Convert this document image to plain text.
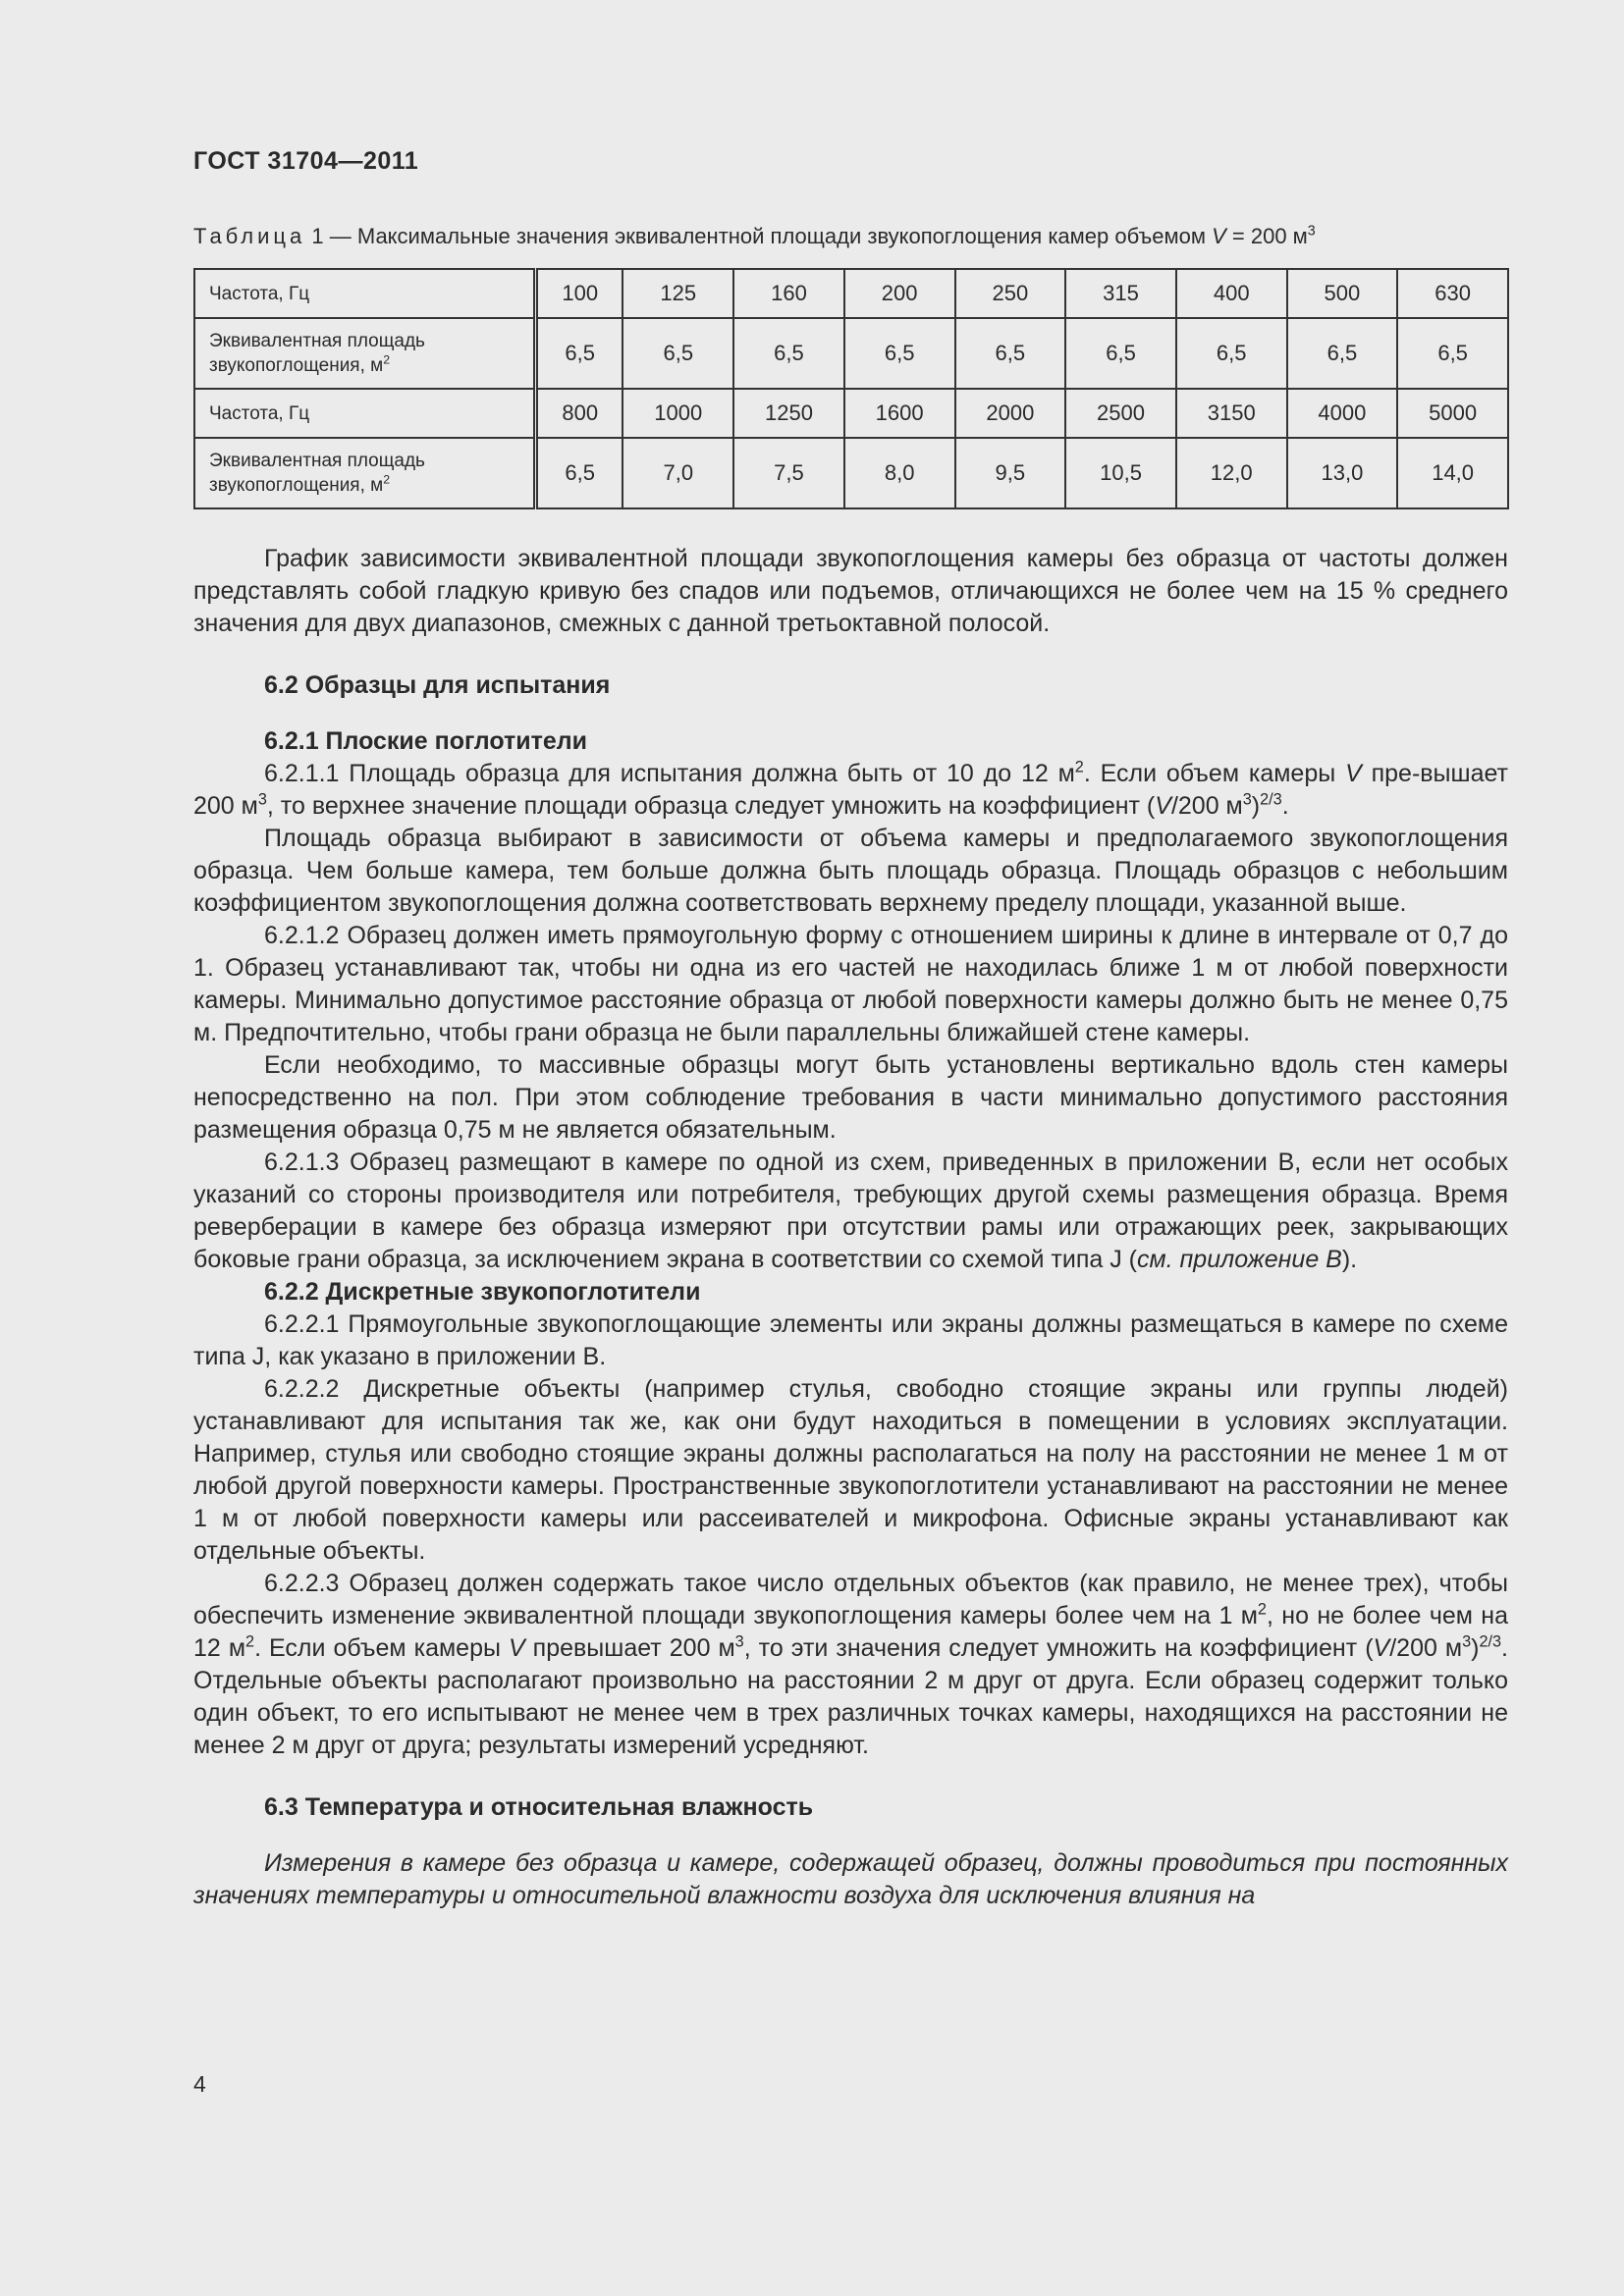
ГОСТ 31704—2011
Таблица 1 — Максимальные значения эквивалентной площади звукопоглощения камер объемом V = 200 $м^3$
Частота, Гц	100	125	160	200	250	315	400	500	630
Эквивалентная площадь
звукопоглощения, $м^2$	6,5	6,5	6,5	6,5	6,5	6,5	6,5	6,5	6,5
Частота, Гц	800	1000	1250	1600	2000	2500	3150	4000	5000
Эквивалентная площадь
звукопоглощения, $м^2$	6,5	7,0	7,5	8,0	9,5	10,5	12,0	13,0	14,0

График зависимости эквивалентной площади звукопоглощения камеры без образца от частоты должен представлять собой гладкую кривую без спадов или подъемов, отличающихся не более чем на 15 % среднего значения для двух диапазонов, смежных с данной третьоктавной полосой.

6.2 Образцы для испытания
6.2.1 Плоские поглотители

6.2.1.1 Площадь образца для испытания должна быть от 10 до 12 $м^2$. Если объем камеры V пре-вышает 200 $м^3$, то верхнее значение площади образца следует умножить на коэффициент (V/200 $м^3)^{2/3}$.

Площадь образца выбирают в зависимости от объема камеры и предполагаемого звукопоглощения образца. Чем больше камера, тем больше должна быть площадь образца. Площадь образцов с небольшим коэффициентом звукопоглощения должна соответствовать верхнему пределу площади, указанной выше.

6.2.1.2 Образец должен иметь прямоугольную форму с отношением ширины к длине в интервале от 0,7 до 1. Образец устанавливают так, чтобы ни одна из его частей не находилась ближе 1 м от любой поверхности камеры. Минимально допустимое расстояние образца от любой поверхности камеры должно быть не менее 0,75 м. Предпочтительно, чтобы грани образца не были параллельны ближайшей стене камеры.

Если необходимо, то массивные образцы могут быть установлены вертикально вдоль стен камеры непосредственно на пол. При этом соблюдение требования в части минимально допустимого расстояния размещения образца 0,75 м не является обязательным.

6.2.1.3 Образец размещают в камере по одной из схем, приведенных в приложении В, если нет особых указаний со стороны производителя или потребителя, требующих другой схемы размещения образца. Время реверберации в камере без образца измеряют при отсутствии рамы или отражающих реек, закрывающих боковые грани образца, за исключением экрана в соответствии со схемой типа J (см. приложение В).

6.2.2 Дискретные звукопоглотители

6.2.2.1 Прямоугольные звукопоглощающие элементы или экраны должны размещаться в камере по схеме типа J, как указано в приложении В.

6.2.2.2 Дискретные объекты (например стулья, свободно стоящие экраны или группы людей) устанавливают для испытания так же, как они будут находиться в помещении в условиях эксплуатации. Например, стулья или свободно стоящие экраны должны располагаться на полу на расстоянии не менее 1 м от любой другой поверхности камеры. Пространственные звукопоглотители устанавливают на расстоянии не менее 1 м от любой поверхности камеры или рассеивателей и микрофона. Офисные экраны устанавливают как отдельные объекты.

6.2.2.3 Образец должен содержать такое число отдельных объектов (как правило, не менее трех), чтобы обеспечить изменение эквивалентной площади звукопоглощения камеры более чем на 1 $м^2$, но не более чем на 12 $м^2$. Если объем камеры V превышает 200 $м^3$, то эти значения следует умножить на коэффициент (V/200 $м^3)^{2/3}$. Отдельные объекты располагают произвольно на расстоянии 2 м друг от друга. Если образец содержит только один объект, то его испытывают не менее чем в трех различных точках камеры, находящихся на расстоянии не менее 2 м друг от друга; результаты измерений усредняют.

6.3 Температура и относительная влажность

Измерения в камере без образца и камере, содержащей образец, должны проводиться при постоянных значениях температуры и относительной влажности воздуха для исключения влияния на

4
